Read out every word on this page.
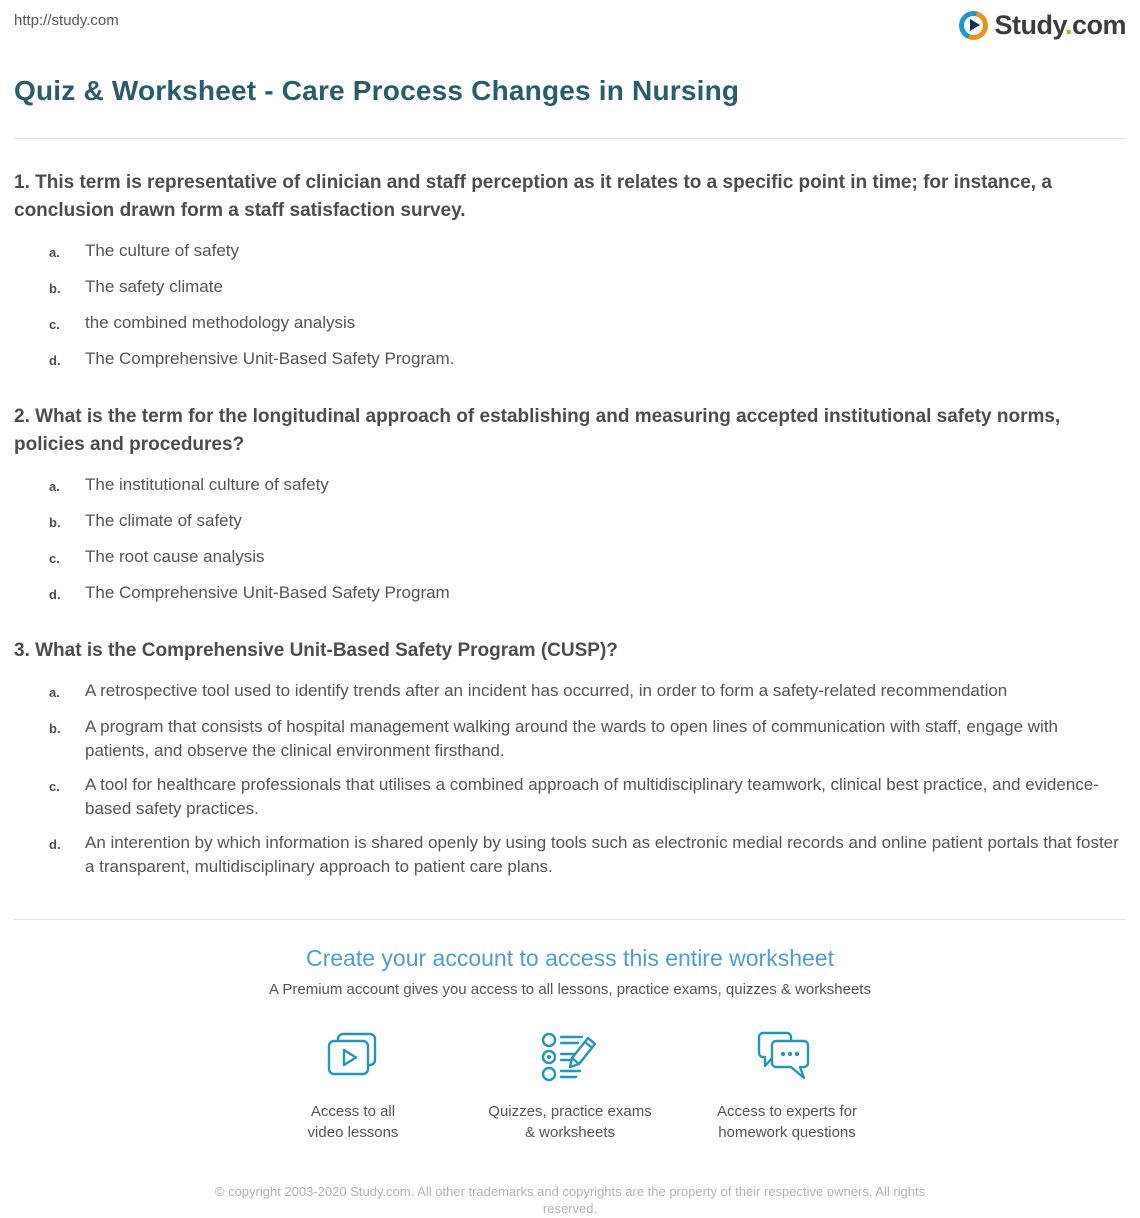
http://study.com	Study.com
Quiz & Worksheet - Care Process Changes in Nursing
1. This term is representative of clinician and staff perception as it relates to a specific point in time; for instance, a conclusion drawn form a staff satisfaction survey.
a.	The culture of safety
b.	The safety climate
c.	the combined methodology analysis
d.	The Comprehensive Unit-Based Safety Program.
2. What is the term for the longitudinal approach of establishing and measuring accepted institutional safety norms, policies and procedures?
a.	The institutional culture of safety
b.	The climate of safety
c.	The root cause analysis
d.	The Comprehensive Unit-Based Safety Program
3. What is the Comprehensive Unit-Based Safety Program (CUSP)?
a.	A retrospective tool used to identify trends after an incident has occurred, in order to form a safety-related recommendation
b.	A program that consists of hospital management walking around the wards to open lines of communication with staff, engage with patients, and observe the clinical environment firsthand.
c.	A tool for healthcare professionals that utilises a combined approach of multidisciplinary teamwork, clinical best practice, and evidence-based safety practices.
d.	An interention by which information is shared openly by using tools such as electronic medial records and online patient portals that foster a transparent, multidisciplinary approach to patient care plans.
Create your account to access this entire worksheet
A Premium account gives you access to all lessons, practice exams, quizzes & worksheets
Access to all
video lessons
Quizzes, practice exams
& worksheets
Access to experts for
homework questions
© copyright 2003-2020 Study.com. All other trademarks and copyrights are the property of their respective owners. All rights reserved.
